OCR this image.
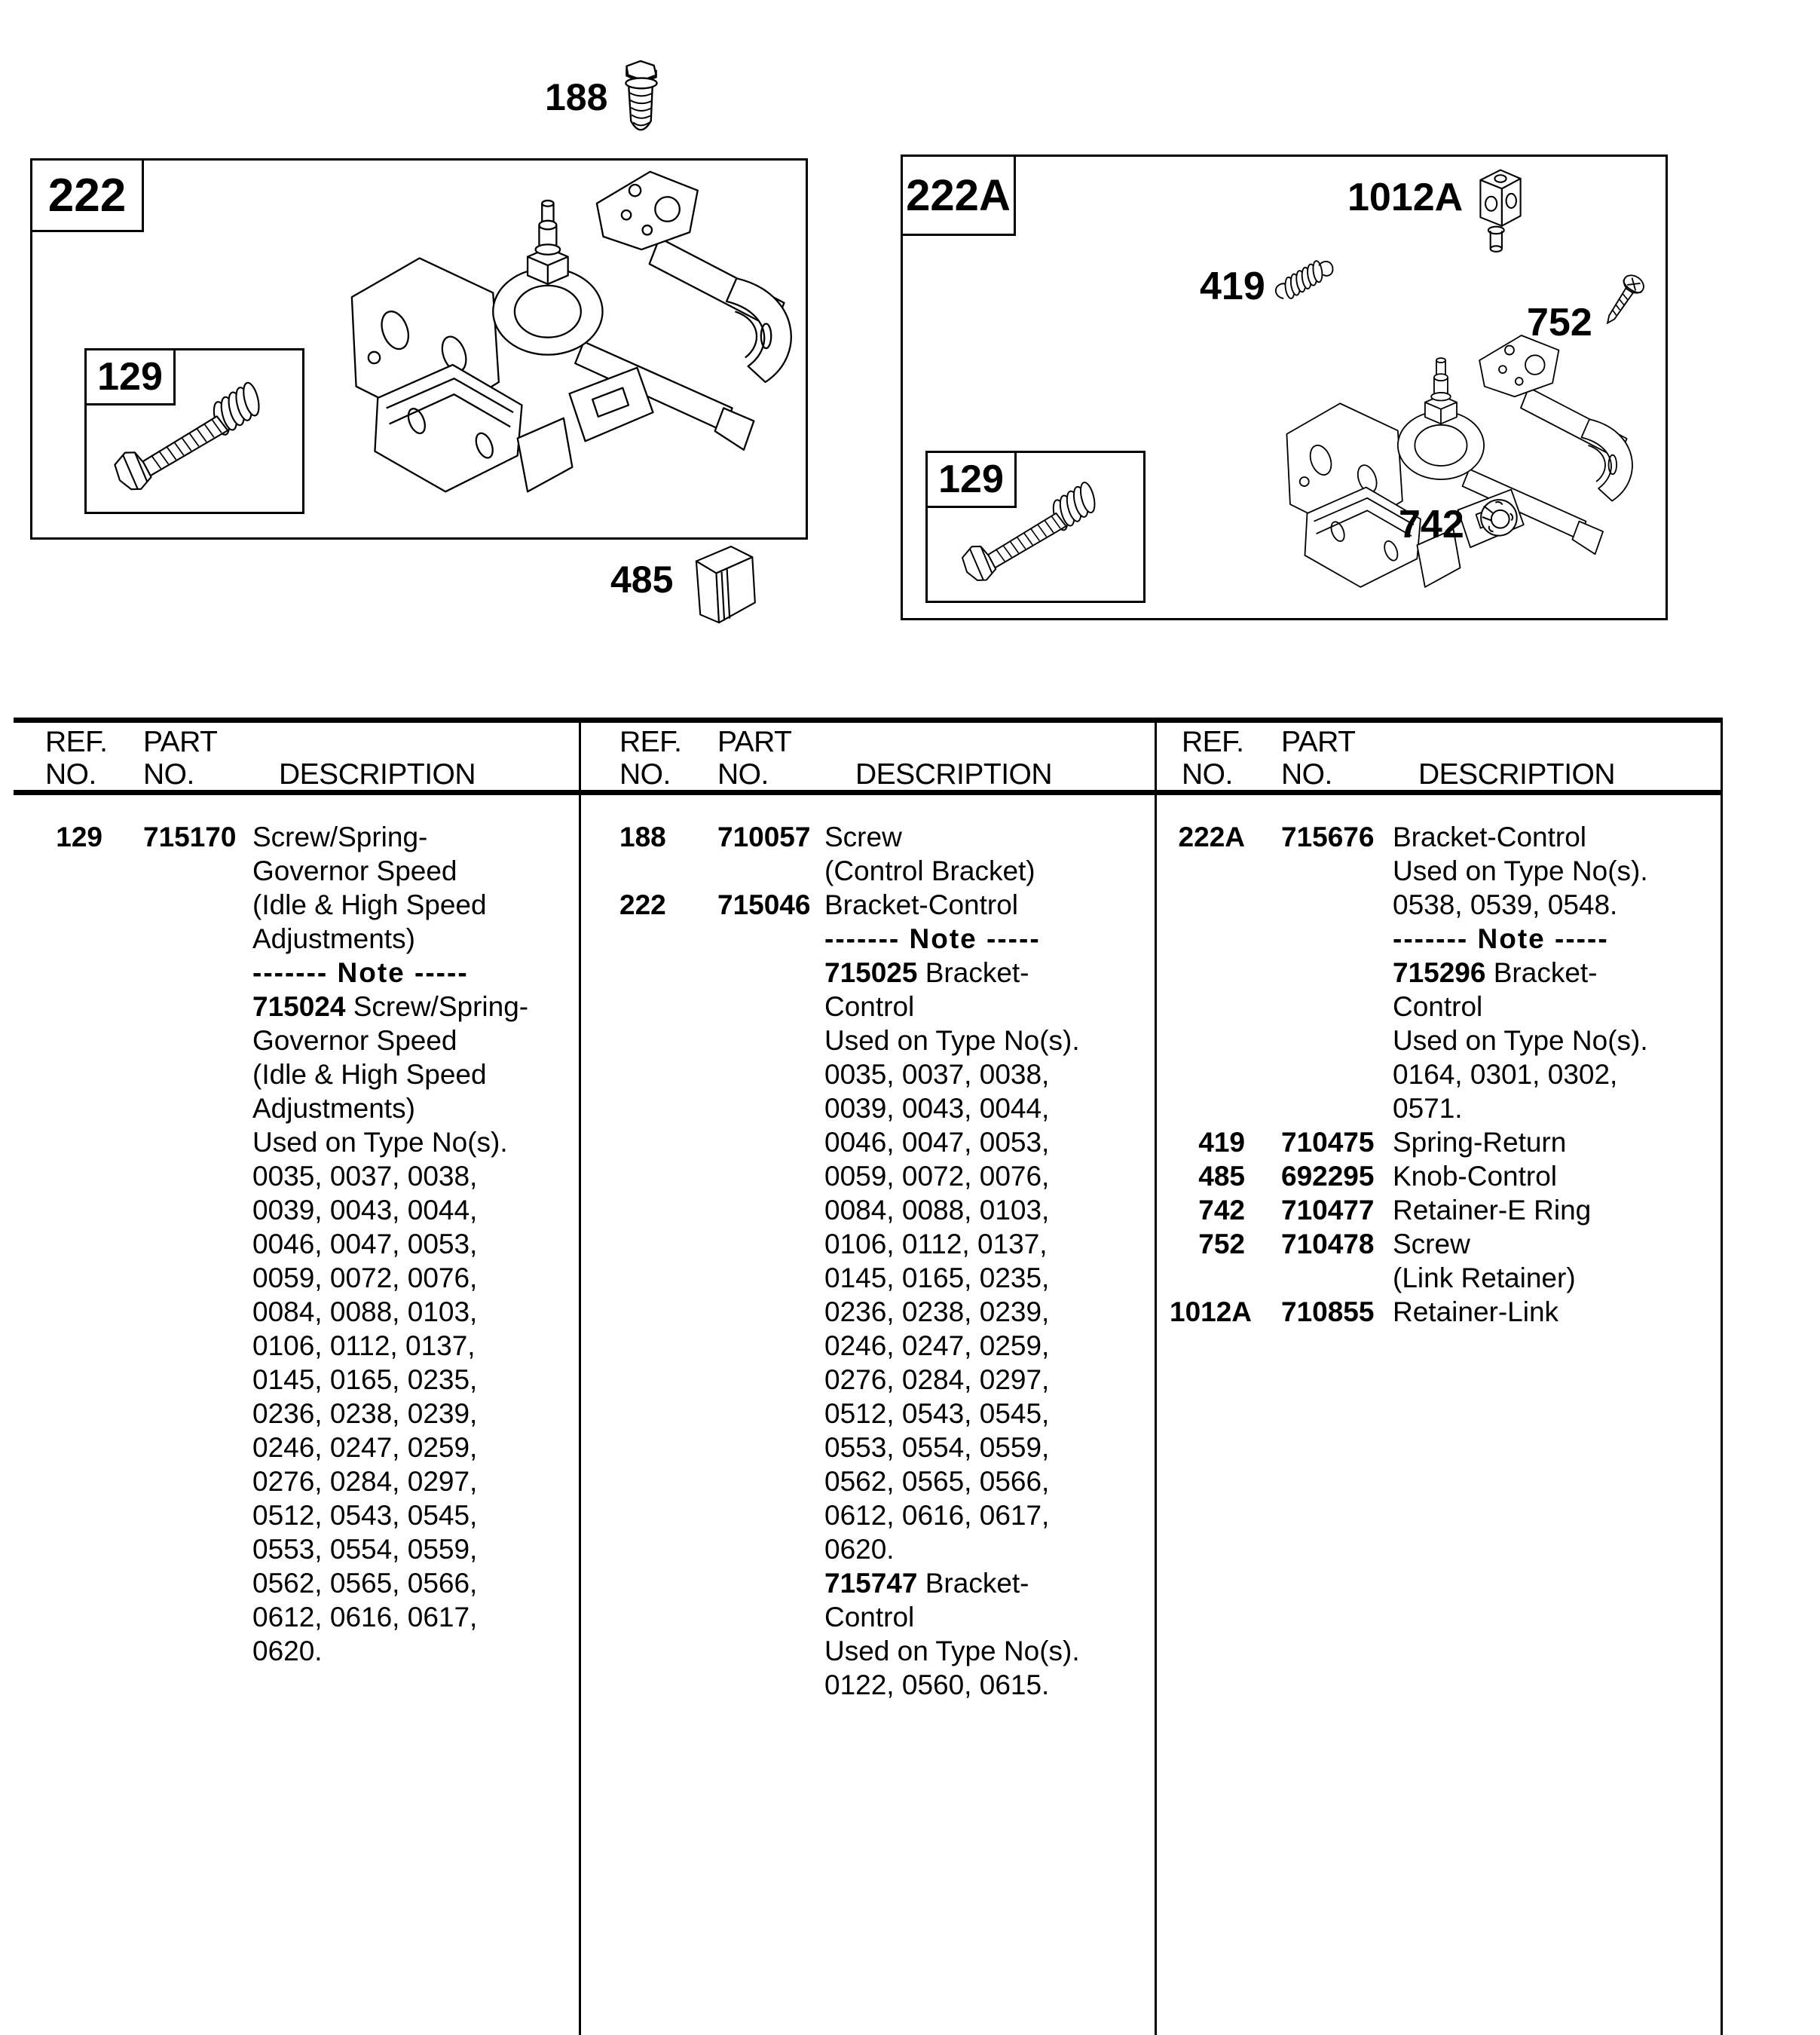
188
222
129
485
222A	1012A
419
752
742
129
REF.
NO.
PART
NO.	DESCRIPTION
REF.
NO.
PART
NO.	DESCRIPTION
REF.
NO.
PART
NO.	DESCRIPTION
129	715170 Screw/Spring-
Governor Speed
(Idle & High Speed
Adjustments)
------- Note -----
715024 Screw/Spring-
Governor Speed
(Idle & High Speed
Adjustments)
Used on Type No(s).
0035, 0037, 0038,
0039, 0043, 0044,
0046, 0047, 0053,
0059, 0072, 0076,
0084, 0088, 0103,
0106, 0112, 0137,
0145, 0165, 0235,
0236, 0238, 0239,
0246, 0247, 0259,
0276, 0284, 0297,
0512, 0543, 0545,
0553, 0554, 0559,
0562, 0565, 0566,
0612, 0616, 0617,
0620.
188	710057 Screw
(Control Bracket)
222	715046 Bracket-Control
------- Note -----
715025 Bracket-
Control
Used on Type No(s).
0035, 0037, 0038,
0039, 0043, 0044,
0046, 0047, 0053,
0059, 0072, 0076,
0084, 0088, 0103,
0106, 0112, 0137,
0145, 0165, 0235,
0236, 0238, 0239,
0246, 0247, 0259,
0276, 0284, 0297,
0512, 0543, 0545,
0553, 0554, 0559,
0562, 0565, 0566,
0612, 0616, 0617,
0620.
715747 Bracket-
Control
Used on Type No(s).
0122, 0560, 0615.
222A	715676 Bracket-Control
Used on Type No(s).
0538, 0539, 0548.
------- Note -----
715296 Bracket-
Control
Used on Type No(s).
0164, 0301, 0302,
0571.
419	710475 Spring-Return
485	692295 Knob-Control
742	710477 Retainer-E Ring
752	710478 Screw
(Link Retainer)
1012A	710855 Retainer-Link
